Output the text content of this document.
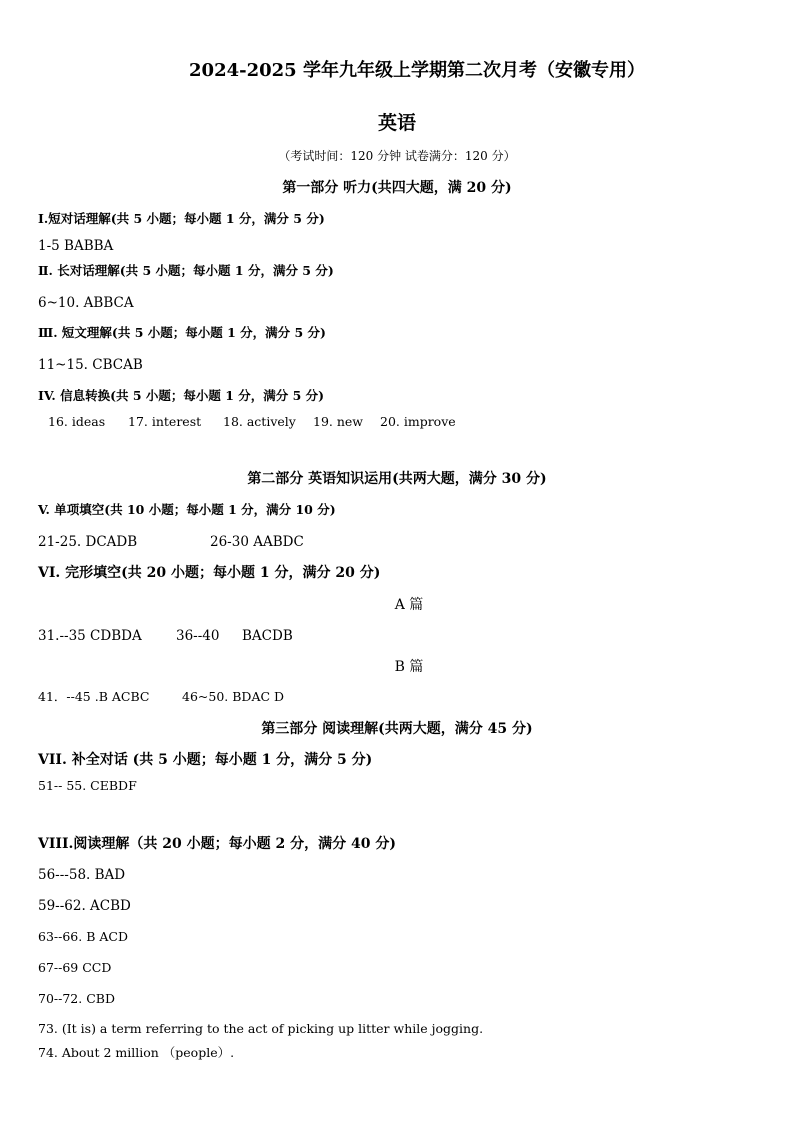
2024-2025 学年九年级上学期第二次月考（安徽专用）
英语
（考试时间：120 分钟 试卷满分：120 分）
第一部分 听力(共四大题，满 20 分)
Ⅰ.短对话理解(共 5 小题；每小题 1 分，满分 5 分)
1-5 BABBA
Ⅱ. 长对话理解(共 5 小题；每小题 1 分，满分 5 分)
6~10. ABBCA
Ⅲ. 短文理解(共 5 小题；每小题 1 分，满分 5 分)
11~15. CBCAB
IV. 信息转换(共 5 小题；每小题 1 分，满分 5 分)
16. ideas 17. interest 18. actively 19. new 20. improve
第二部分 英语知识运用(共两大题，满分 30 分)
V. 单项填空(共 10 小题；每小题 1 分，满分 10 分)
21-25. DCADB	26-30 AABDC
VI. 完形填空(共 20 小题；每小题 1 分，满分 20 分)
A 篇
31.--35 CDBDA	36--40 BACDB
B 篇
41．--45 .B ACBC	46~50. BDAC D
第三部分 阅读理解(共两大题，满分 45 分)
VII. 补全对话 (共 5 小题；每小题 1 分，满分 5 分)
51-- 55. CEBDF
VIII.阅读理解（共 20 小题；每小题 2 分，满分 40 分)
56---58. BAD
59--62. ACBD
63--66. B ACD
67--69 CCD
70--72. CBD
73. (It is) a term referring to the act of picking up litter while jogging.
74. About 2 million （people）.
